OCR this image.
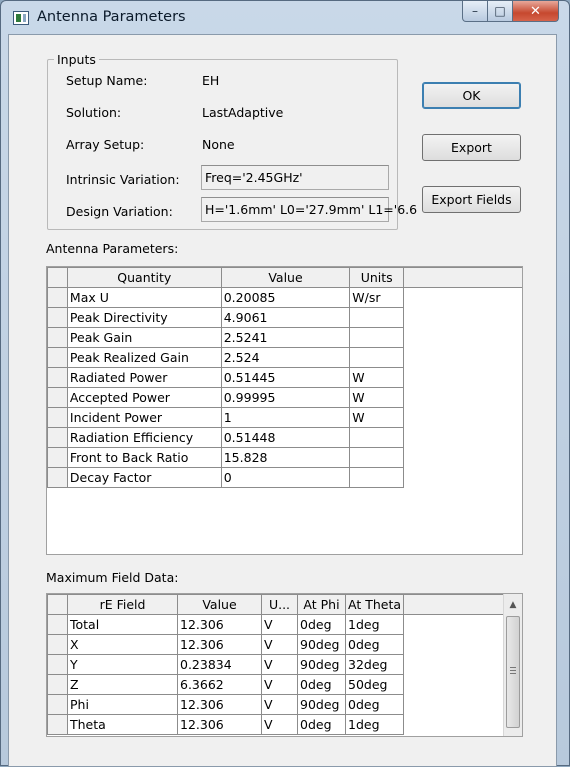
Antenna Parameters	–	□	✕
Inputs
Setup Name:	EH
Solution:	LastAdaptive
Array Setup:	None
Intrinsic Variation:	Freq='2.45GHz'
Design Variation:	H='1.6mm' L0='27.9mm' L1='6.6
OK
Export
Export Fields
Antenna Parameters:
	Quantity	Value	Units	
	Max U	0.20085	W/sr	
	Peak Directivity	4.9061		
	Peak Gain	2.5241		
	Peak Realized Gain	2.524		
	Radiated Power	0.51445	W	
	Accepted Power	0.99995	W	
	Incident Power	1	W	
	Radiation Efficiency	0.51448		
	Front to Back Ratio	15.828		
	Decay Factor	0		
Maximum Field Data:
	rE Field	Value	U...	At Phi	At Theta	
	Total	12.306	V	0deg	1deg	
	X	12.306	V	90deg	0deg	
	Y	0.23834	V	90deg	32deg	
	Z	6.3662	V	0deg	50deg	
	Phi	12.306	V	90deg	0deg	
	Theta	12.306	V	0deg	1deg	
▲
